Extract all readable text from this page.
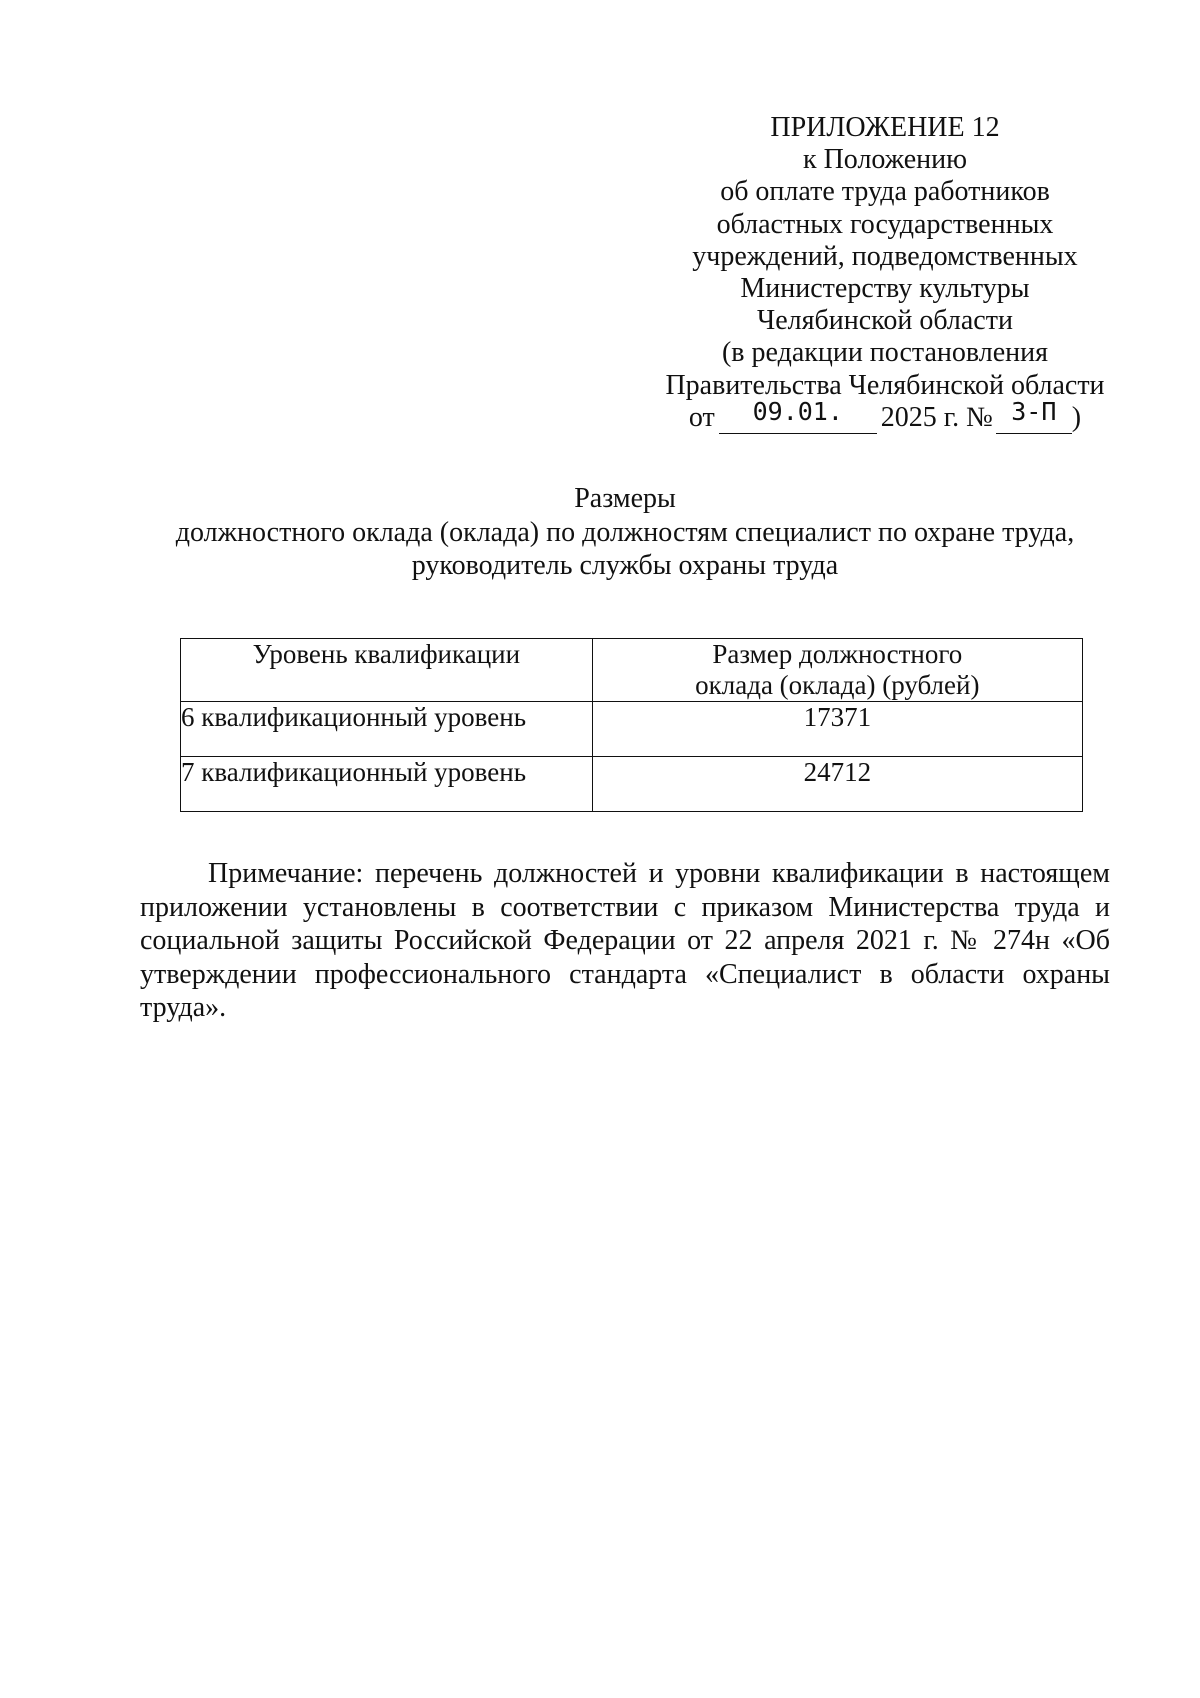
ПРИЛОЖЕНИЕ 12
к Положению
об оплате труда работников
областных государственных
учреждений, подведомственных
Министерству культуры
Челябинской области
(в редакции постановления
Правительства Челябинской области
от 09.01. 2025 г. № 3-П )
Размеры
должностного оклада (оклада) по должностям специалист по охране труда,
руководитель службы охраны труда
Уровень квалификации	Размер должностного
оклада (оклада) (рублей)
6 квалификационный уровень	17371
7 квалификационный уровень	24712
Примечание: перечень должностей и уровни квалификации в настоящем приложении установлены в соответствии с приказом Министерства труда и социальной защиты Российской Федерации от 22 апреля 2021 г. № 274н «Об утверждении профессионального стандарта «Специалист в области охраны труда».
